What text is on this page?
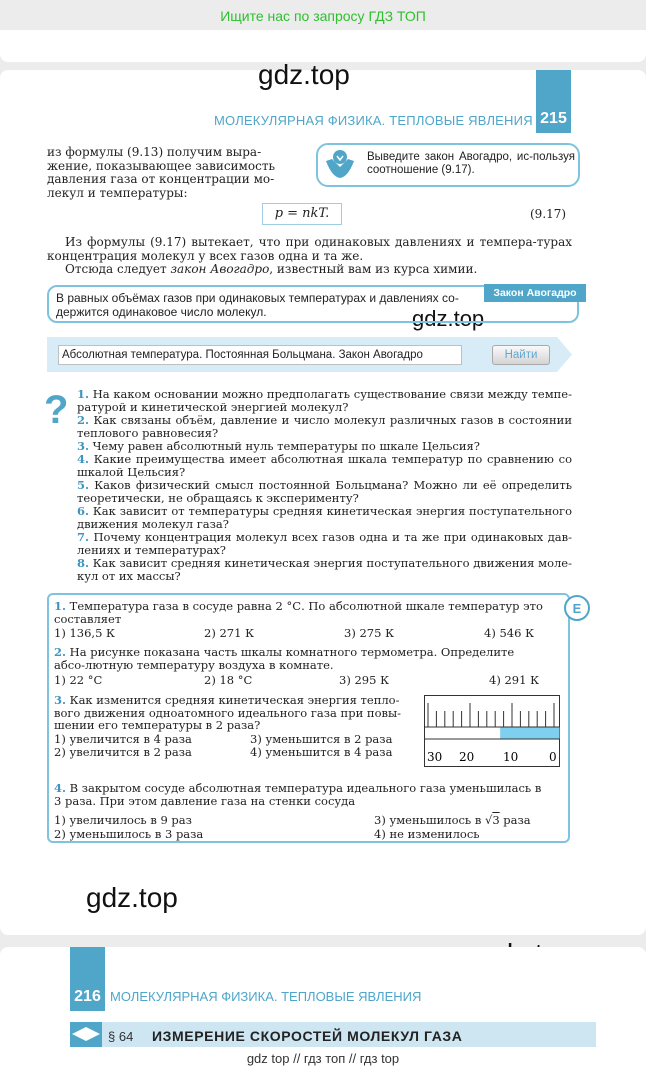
Ищите нас по запросу ГДЗ ТОП
gdz.top
gdz.top
gdz.top
МОЛЕКУЛЯРНАЯ ФИЗИКА. ТЕПЛОВЫЕ ЯВЛЕНИЯ 215
из формулы (9.13) получим выра-
жение, показывающее зависимость
давления газа от концентрации мо-
лекул и температуры:
Выведите закон Авогадро, ис-пользуя соотношение (9.17).
p = nkT.	(9.17)
Из формулы (9.17) вытекает, что при одинаковых давлениях и темпера-туpах концентрация молекул у всех газов одна и та же.
Отсюда следует закон Авогадро, известный вам из курса химии.
Закон Авогадро
В равных объёмах газов при одинаковых температурах и давлениях со-держится одинаковое число молекул.
Абсолютная температура. Постоянная Больцмана. Закон Авогадро	Найти
? 1. На каком основании можно предполагать существование связи между темпе-ратурой и кинетической энергией молекул?
2. Как связаны объём, давление и число молекул различных газов в состоянии теплового равновесия?
3. Чему равен абсолютный нуль температуры по шкале Цельсия?
4. Какие преимущества имеет абсолютная шкала температур по сравнению со шкалой Цельсия?
5. Каков физический смысл постоянной Больцмана? Можно ли её определить теоретически, не обращаясь к эксперименту?
6. Как зависит от температуры средняя кинетическая энергия поступательного движения молекул газа?
7. Почему концентрация молекул всех газов одна и та же при одинаковых дав-лениях и температурах?
8. Как зависит средняя кинетическая энергия поступательного движения моле-кул от их массы?
Е
1. Температура газа в сосуде равна 2 °С. По абсолютной шкале температур это составляет
1) 136,5 К	2) 271 К	3) 275 К	4) 546 К
2. На рисунке показана часть шкалы комнатного термометра. Определите абсо-лютную температуру воздуха в комнате.
1) 22 °С	2) 18 °С	3) 295 К	4) 291 К
3. Как изменится средняя кинетическая энергия тепло-вого движения одноатомного идеального газа при повы-шении его температуры в 2 раза?
1) увеличится в 4 раза	3) уменьшится в 2 раза
2) увеличится в 2 раза	4) уменьшится в 4 раза	30 20 10	0
4. В закрытом сосуде абсолютная температура идеального газа уменьшилась в 3 раза. При этом давление газа на стенки сосуда
1) увеличилось в 9 раз	3) уменьшилось в √3 раза
2) уменьшилось в 3 раза	4) не изменилось
216 МОЛЕКУЛЯРНАЯ ФИЗИКА. ТЕПЛОВЫЕ ЯВЛЕНИЯ
§ 64 ИЗМЕРЕНИЕ СКОРОСТЕЙ МОЛЕКУЛ ГАЗА
gdz top // гдз топ // гдз top
